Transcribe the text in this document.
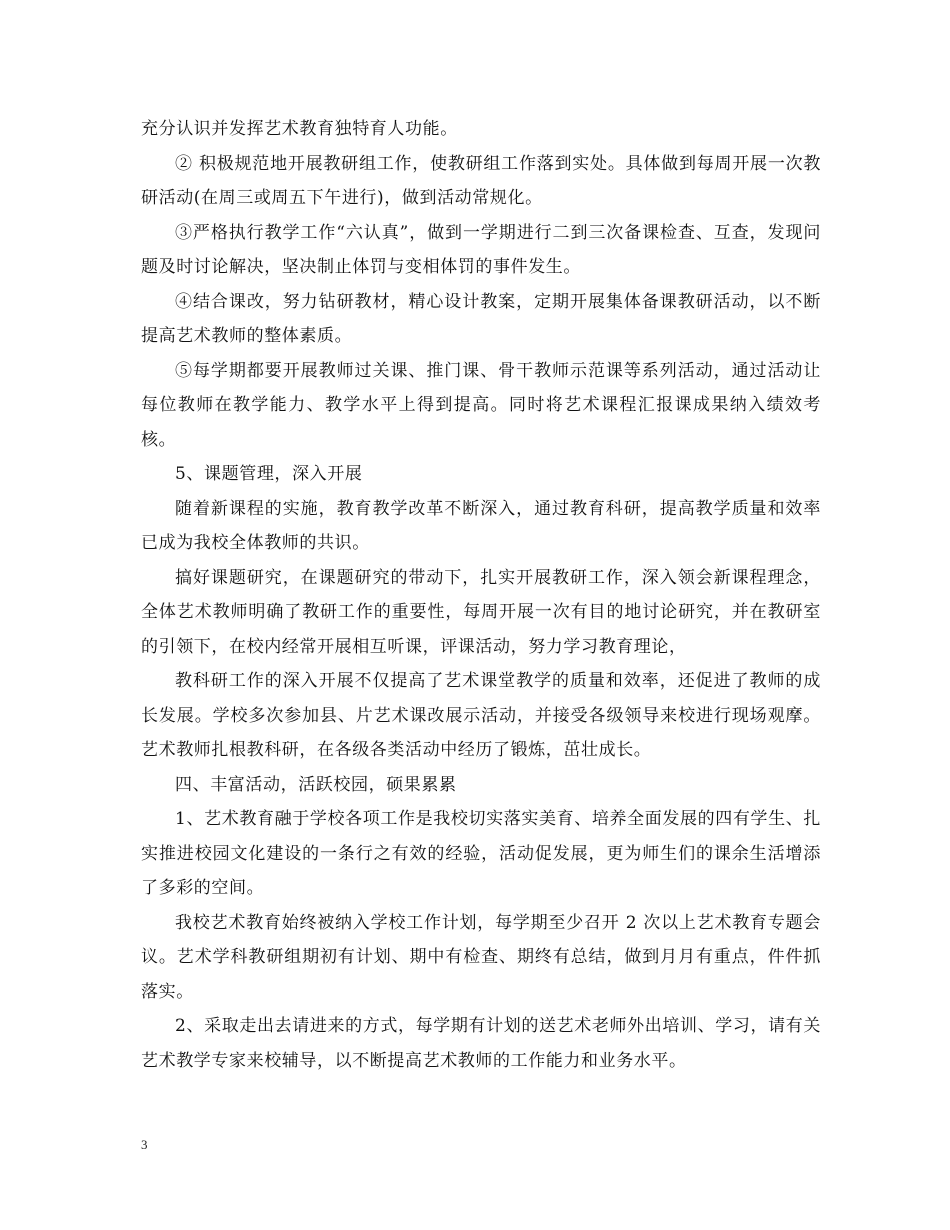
充分认识并发挥艺术教育独特育人功能。

② 积极规范地开展教研组工作，使教研组工作落到实处。具体做到每周开展一次教研活动(在周三或周五下午进行)，做到活动常规化。

③严格执行教学工作“六认真”，做到一学期进行二到三次备课检查、互查，发现问题及时讨论解决，坚决制止体罚与变相体罚的事件发生。

④结合课改，努力钻研教材，精心设计教案，定期开展集体备课教研活动，以不断提高艺术教师的整体素质。

⑤每学期都要开展教师过关课、推门课、骨干教师示范课等系列活动，通过活动让每位教师在教学能力、教学水平上得到提高。同时将艺术课程汇报课成果纳入绩效考核。

5、课题管理，深入开展

随着新课程的实施，教育教学改革不断深入，通过教育科研，提高教学质量和效率已成为我校全体教师的共识。

搞好课题研究，在课题研究的带动下，扎实开展教研工作，深入领会新课程理念，全体艺术教师明确了教研工作的重要性，每周开展一次有目的地讨论研究，并在教研室的引领下，在校内经常开展相互听课，评课活动，努力学习教育理论，

教科研工作的深入开展不仅提高了艺术课堂教学的质量和效率，还促进了教师的成长发展。学校多次参加县、片艺术课改展示活动，并接受各级领导来校进行现场观摩。艺术教师扎根教科研，在各级各类活动中经历了锻炼，茁壮成长。

四、丰富活动，活跃校园，硕果累累

1、艺术教育融于学校各项工作是我校切实落实美育、培养全面发展的四有学生、扎实推进校园文化建设的一条行之有效的经验，活动促发展，更为师生们的课余生活增添了多彩的空间。

我校艺术教育始终被纳入学校工作计划，每学期至少召开 2 次以上艺术教育专题会议。艺术学科教研组期初有计划、期中有检查、期终有总结，做到月月有重点，件件抓落实。

2、采取走出去请进来的方式，每学期有计划的送艺术老师外出培训、学习，请有关艺术教学专家来校辅导，以不断提高艺术教师的工作能力和业务水平。

3
